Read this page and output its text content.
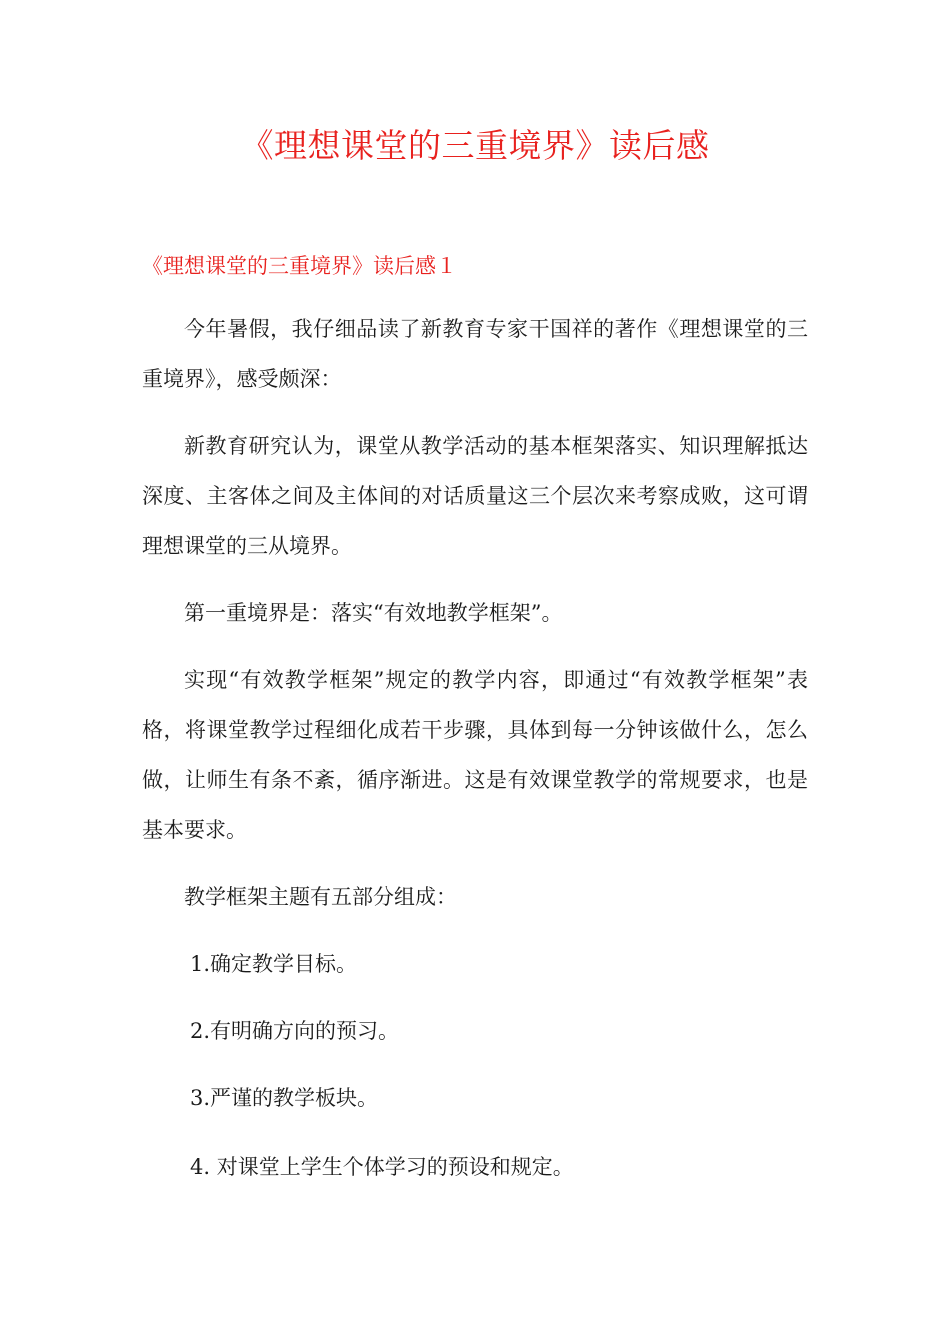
《理想课堂的三重境界》读后感
《理想课堂的三重境界》读后感１

今年暑假，我仔细品读了新教育专家干国祥的著作《理想课堂的三重境界》，感受颇深：

新教育研究认为，课堂从教学活动的基本框架落实、知识理解抵达深度、主客体之间及主体间的对话质量这三个层次来考察成败，这可谓理想课堂的三从境界。

第一重境界是：落实“有效地教学框架”。

实现“有效教学框架”规定的教学内容，即通过“有效教学框架”表格，将课堂教学过程细化成若干步骤，具体到每一分钟该做什么，怎么做，让师生有条不紊，循序渐进。这是有效课堂教学的常规要求，也是基本要求。

教学框架主题有五部分组成：

1.确定教学目标。

2.有明确方向的预习。

3.严谨的教学板块。

4. 对课堂上学生个体学习的预设和规定。
